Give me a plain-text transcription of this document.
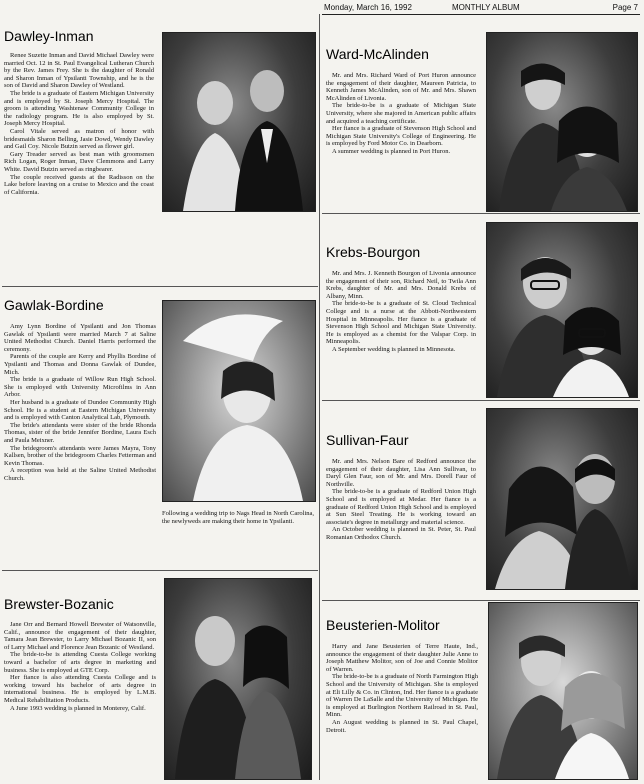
Monday, March 16, 1992	MONTHLY ALBUM	Page 7
Dawley-Inman

Renee Suzette Inman and David Michael Dawley were married Oct. 12 in St. Paul Evangelical Lutheran Church by the Rev. James Frey. She is the daughter of Ronald and Sharon Inman of Ypsilanti Township, and he is the son of David and Sharon Dawley of Westland.

The bride is a graduate of Eastern Michigan University and is employed by St. Joseph Mercy Hospital. The groom is attending Washtenaw Community College in the radiology program. He is also employed by St. Joseph Mercy Hospital.

Carol Vitale served as matron of honor with bridesmaids Sharon Belling, Jasie Dowd, Wendy Dawley and Gail Coy. Nicole Butzin served as flower girl.

Gary Treader served as best man with groomsmen Rich Logan, Roger Inman, Dave Clemmons and Larry White. David Butzin served as ringbearer.

The couple received guests at the Radisson on the Lake before leaving on a cruise to Mexico and the coast of California.

Gawlak-Bordine

Amy Lynn Bordine of Ypsilanti and Jon Thomas Gawlak of Ypsilanti were married March 7 at Saline United Methodist Church. Daniel Harris performed the ceremony.

Parents of the couple are Kerry and Phyllis Bordine of Ypsilanti and Thomas and Donna Gawlak of Dundee, Mich.

The bride is a graduate of Willow Run High School. She is employed with University Microfilms in Ann Arbor.

Her husband is a graduate of Dundee Community High School. He is a student at Eastern Michigan University and is employed with Canton Analytical Lab, Plymouth.

The bride's attendants were sister of the bride Rhonda Thomas, sister of the bride Jennifer Bordine, Laura Esch and Paula Meixner.

The bridegroom's attendants were James Mayra, Tony Kallsen, brother of the bridegroom Charles Fetterman and Kevin Thomas.

A reception was held at the Saline United Methodist Church.

Following a wedding trip to Nags Head in North Carolina, the newlyweds are making their home in Ypsilanti.

Brewster-Bozanic

Jane Orr and Bernard Howell Brewster of Watsonville, Calif., announce the engagement of their daughter, Tamara Jean Brewster, to Larry Michael Bozanic II, son of Larry Michael and Florence Jean Bozanic of Westland.

The bride-to-be is attending Cuesta College working toward a bachelor of arts degree in marketing and business. She is employed at GTE Corp.

Her fiance is also attending Cuesta College and is working toward his bachelor of arts degree in international business. He is employed by L.M.B. Medical Rehabilitation Products.

A June 1993 wedding is planned in Monterey, Calif.

Ward-McAlinden

Mr. and Mrs. Richard Ward of Port Huron announce the engagement of their daughter, Maureen Patricia, to Kenneth James McAlinden, son of Mr. and Mrs. Shawn McAlinden of Livonia.

The bride-to-be is a graduate of Michigan State University, where she majored in American public affairs and acquired a teaching certificate.

Her fiance is a graduate of Stevenson High School and Michigan State University's College of Engineering. He is employed by Ford Motor Co. in Dearborn.

A summer wedding is planned in Port Huron.

Krebs-Bourgon

Mr. and Mrs. J. Kenneth Bourgon of Livonia announce the engagement of their son, Richard Neil, to Twila Ann Krebs, daughter of Mr. and Mrs. Donald Krebs of Albany, Minn.

The bride-to-be is a graduate of St. Cloud Technical College and is a nurse at the Abbott-Northwestern Hospital in Minneapolis. Her fiance is a graduate of Stevenson High School and Michigan State University. He is employed as a chemist for the Valspar Corp. in Minneapolis.

A September wedding is planned in Minnesota.

Sullivan-Faur

Mr. and Mrs. Nelson Bare of Redford announce the engagement of their daughter, Lisa Ann Sullivan, to Daryl Glen Faur, son of Mr. and Mrs. Dorell Faur of Northville.

The bride-to-be is a graduate of Redford Union High School and is employed at Medar. Her fiance is a graduate of Redford Union High School and is employed at Sun Steel Treating. He is working toward an associate's degree in metallurgy and material science.

An October wedding is planned in St. Peter, St. Paul Romanian Orthodox Church.

Beusterien-Molitor

Harry and Jane Beusterien of Terre Haute, Ind., announce the engagement of their daughter Julie Anne to Joseph Matthew Molitor, son of Joe and Connie Molitor of Warren.

The bride-to-be is a graduate of North Farmington High School and the University of Michigan. She is employed at Eli Lilly & Co. in Clinton, Ind. Her fiance is a graduate of Warren De LaSalle and the University of Michigan. He is employed at Burlington Northern Railroad in St. Paul, Minn.

An August wedding is planned in St. Paul Chapel, Detroit.
